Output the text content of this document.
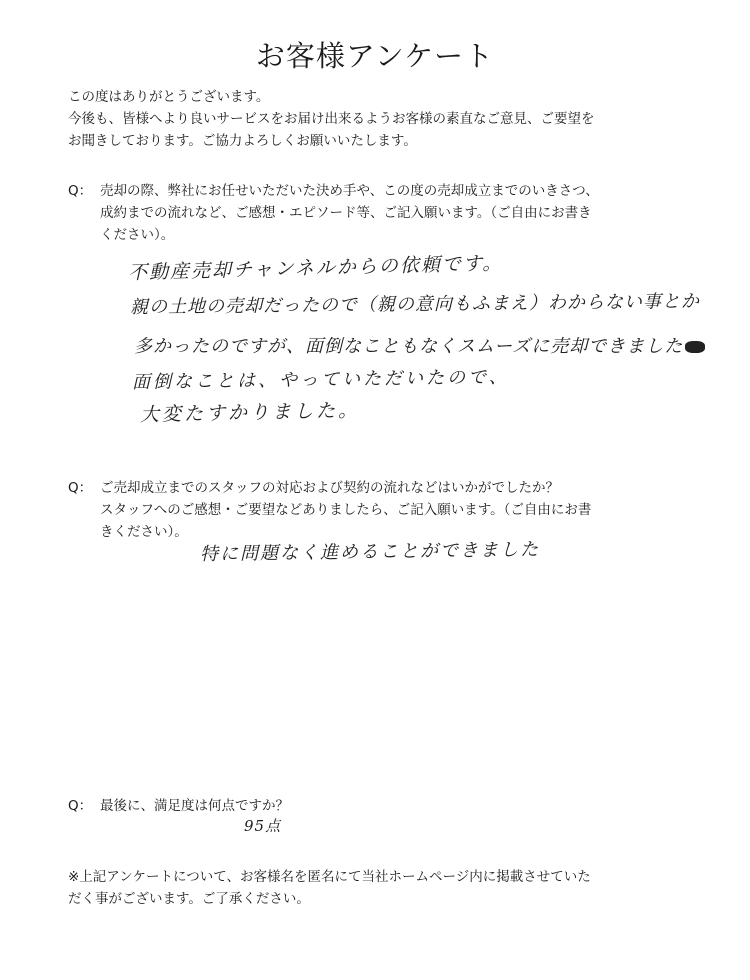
お客様アンケート

この度はありがとうございます。

今後も、皆様へより良いサービスをお届け出来るようお客様の素直なご意見、ご要望を

お聞きしております。ご協力よろしくお願いいたします。

Q： 売却の際、弊社にお任せいただいた決め手や、この度の売却成立までのいきさつ、
成約までの流れなど、ご感想・エピソード等、ご記入願います。（ご自由にお書き
ください）。
不動産売却チャンネルからの依頼です。
親の土地の売却だったので（親の意向もふまえ）わからない事とか
多かったのですが、面倒なこともなくスムーズに売却できました
面倒なことは、やっていただいたので、
大変たすかりました。
Q： ご売却成立までのスタッフの対応および契約の流れなどはいかがでしたか？
スタッフへのご感想・ご要望などありましたら、ご記入願います。（ご自由にお書
きください）。
特に問題なく進めることができました
Q： 最後に、満足度は何点ですか？
95点
※上記アンケートについて、お客様名を匿名にて当社ホームページ内に掲載させていた
だく事がございます。ご了承ください。
